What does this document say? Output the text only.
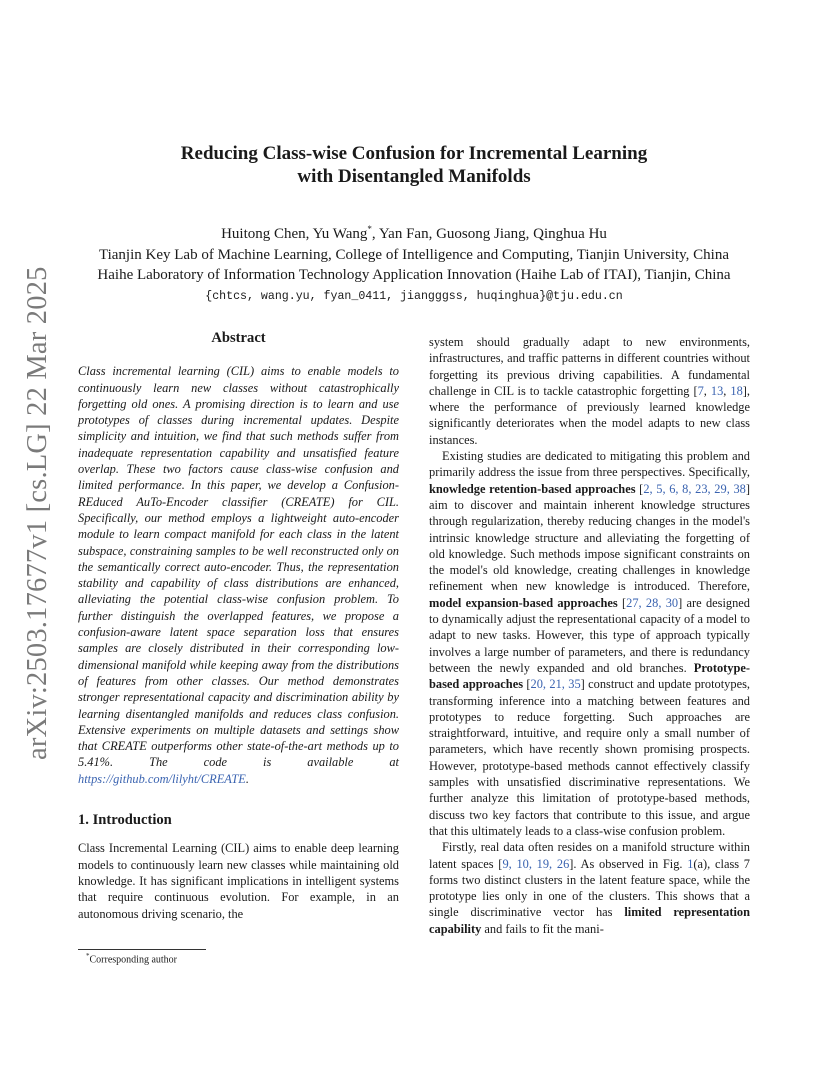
arXiv:2503.17677v1 [cs.LG] 22 Mar 2025
Reducing Class-wise Confusion for Incremental Learning
with Disentangled Manifolds
Huitong Chen, Yu Wang*, Yan Fan, Guosong Jiang, Qinghua Hu
Tianjin Key Lab of Machine Learning, College of Intelligence and Computing, Tianjin University, China
Haihe Laboratory of Information Technology Application Innovation (Haihe Lab of ITAI), Tianjin, China
{chtcs, wang.yu, fyan_0411, jiangggss, huqinghua}@tju.edu.cn
Abstract

Class incremental learning (CIL) aims to enable models to continuously learn new classes without catastrophically forgetting old ones. A promising direction is to learn and use prototypes of classes during incremental updates. Despite simplicity and intuition, we find that such methods suffer from inadequate representation capability and unsatisfied feature overlap. These two factors cause class-wise confusion and limited performance. In this paper, we develop a Confusion-REduced AuTo-Encoder classifier (CREATE) for CIL. Specifically, our method employs a lightweight auto-encoder module to learn compact manifold for each class in the latent subspace, constraining samples to be well reconstructed only on the semantically correct auto-encoder. Thus, the representation stability and capability of class distributions are enhanced, alleviating the potential class-wise confusion problem. To further distinguish the overlapped features, we propose a confusion-aware latent space separation loss that ensures samples are closely distributed in their corresponding low-dimensional manifold while keeping away from the distributions of features from other classes. Our method demonstrates stronger representational capacity and discrimination ability by learning disentangled manifolds and reduces class confusion. Extensive experiments on multiple datasets and settings show that CREATE outperforms other state-of-the-art methods up to 5.41%. The code is available at https://github.com/lilyht/CREATE.

1. Introduction

Class Incremental Learning (CIL) aims to enable deep learning models to continuously learn new classes while maintaining old knowledge. It has significant implications in intelligent systems that require continuous evolution. For example, in an autonomous driving scenario, the

system should gradually adapt to new environments, infrastructures, and traffic patterns in different countries without forgetting its previous driving capabilities. A fundamental challenge in CIL is to tackle catastrophic forgetting [7, 13, 18], where the performance of previously learned knowledge significantly deteriorates when the model adapts to new class instances.

Existing studies are dedicated to mitigating this problem and primarily address the issue from three perspectives. Specifically, knowledge retention-based approaches [2, 5, 6, 8, 23, 29, 38] aim to discover and maintain inherent knowledge structures through regularization, thereby reducing changes in the model's intrinsic knowledge structure and alleviating the forgetting of old knowledge. Such methods impose significant constraints on the model's old knowledge, creating challenges in knowledge refinement when new knowledge is introduced. Therefore, model expansion-based approaches [27, 28, 30] are designed to dynamically adjust the representational capacity of a model to adapt to new tasks. However, this type of approach typically involves a large number of parameters, and there is redundancy between the newly expanded and old branches. Prototype-based approaches [20, 21, 35] construct and update prototypes, transforming inference into a matching between features and prototypes to reduce forgetting. Such approaches are straightforward, intuitive, and require only a small number of parameters, which have recently shown promising prospects. However, prototype-based methods cannot effectively classify samples with unsatisfied discriminative representations. We further analyze this limitation of prototype-based methods, discuss two key factors that contribute to this issue, and argue that this ultimately leads to a class-wise confusion problem.

Firstly, real data often resides on a manifold structure within latent spaces [9, 10, 19, 26]. As observed in Fig. 1(a), class 7 forms two distinct clusters in the latent feature space, while the prototype lies only in one of the clusters. This shows that a single discriminative vector has limited representation capability and fails to fit the mani-

*Corresponding author
